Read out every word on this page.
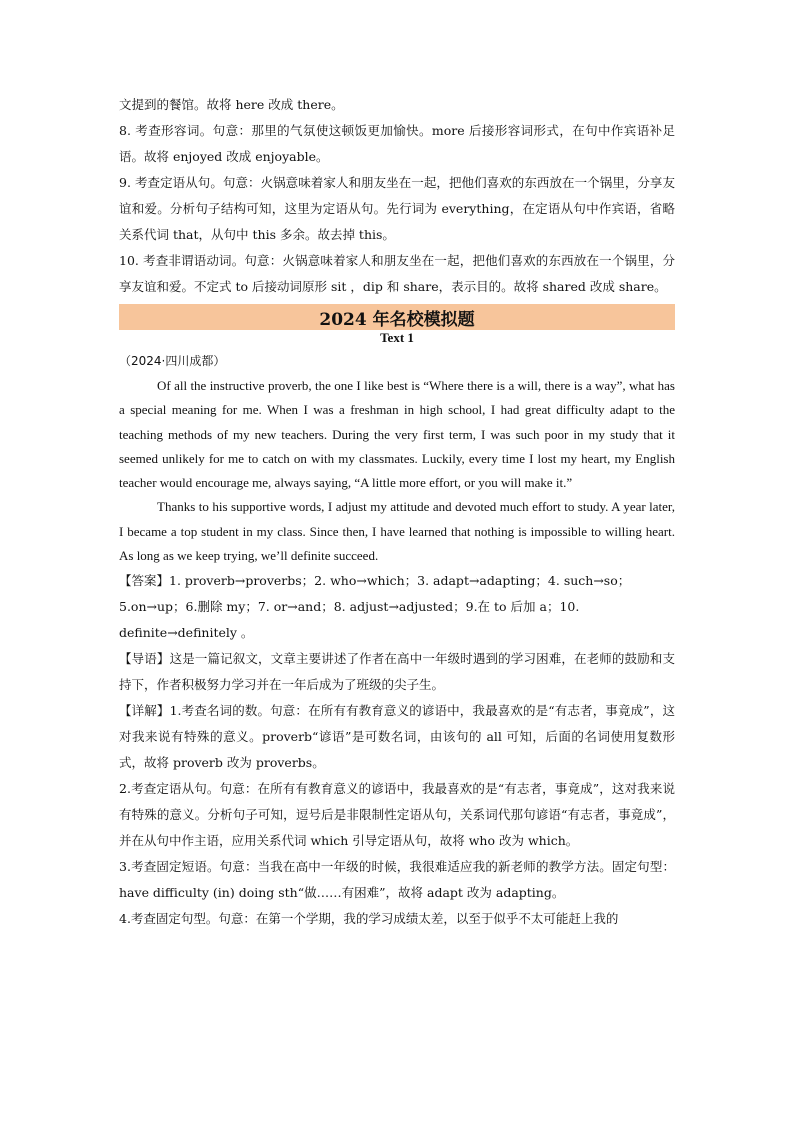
文提到的餐馆。故将 here 改成 there。

8. 考查形容词。句意：那里的气氛使这顿饭更加愉快。more 后接形容词形式，在句中作宾语补足语。故将 enjoyed 改成 enjoyable。

9. 考查定语从句。句意：火锅意味着家人和朋友坐在一起，把他们喜欢的东西放在一个锅里，分享友谊和爱。分析句子结构可知，这里为定语从句。先行词为 everything，在定语从句中作宾语，省略关系代词 that，从句中 this 多余。故去掉 this。

10. 考查非谓语动词。句意：火锅意味着家人和朋友坐在一起，把他们喜欢的东西放在一个锅里，分享友谊和爱。不定式 to 后接动词原形 sit ，dip 和 share，表示目的。故将 shared 改成 share。

2024 年名校模拟题

Text 1

（2024·四川成都）

Of all the instructive proverb, the one I like best is “Where there is a will, there is a way”, what has a special meaning for me. When I was a freshman in high school, I had great difficulty adapt to the teaching methods of my new teachers. During the very first term, I was such poor in my study that it seemed unlikely for me to catch on with my classmates. Luckily, every time I lost my heart, my English teacher would encourage me, always saying, “A little more effort, or you will make it.”

Thanks to his supportive words, I adjust my attitude and devoted much effort to study. A year later, I became a top student in my class. Since then, I have learned that nothing is impossible to willing heart. As long as we keep trying, we’ll definite succeed.

【答案】1. proverb→proverbs；2. who→which；3. adapt→adapting；4. such→so；5.on→up；6.删除 my；7. or→and；8. adjust→adjusted；9.在 to 后加 a；10. definite→definitely 。

【导语】这是一篇记叙文，文章主要讲述了作者在高中一年级时遇到的学习困难，在老师的鼓励和支持下，作者积极努力学习并在一年后成为了班级的尖子生。

【详解】1.考查名词的数。句意：在所有有教育意义的谚语中，我最喜欢的是“有志者，事竟成”，这对我来说有特殊的意义。proverb“谚语”是可数名词，由该句的 all 可知，后面的名词使用复数形式，故将 proverb 改为 proverbs。

2.考查定语从句。句意：在所有有教育意义的谚语中，我最喜欢的是“有志者，事竟成”，这对我来说有特殊的意义。分析句子可知，逗号后是非限制性定语从句，关系词代那句谚语“有志者，事竟成”，并在从句中作主语，应用关系代词 which 引导定语从句，故将 who 改为 which。

3.考查固定短语。句意：当我在高中一年级的时候，我很难适应我的新老师的教学方法。固定句型：have difficulty (in) doing sth“做……有困难”，故将 adapt 改为 adapting。

4.考查固定句型。句意：在第一个学期，我的学习成绩太差，以至于似乎不太可能赶上我的
